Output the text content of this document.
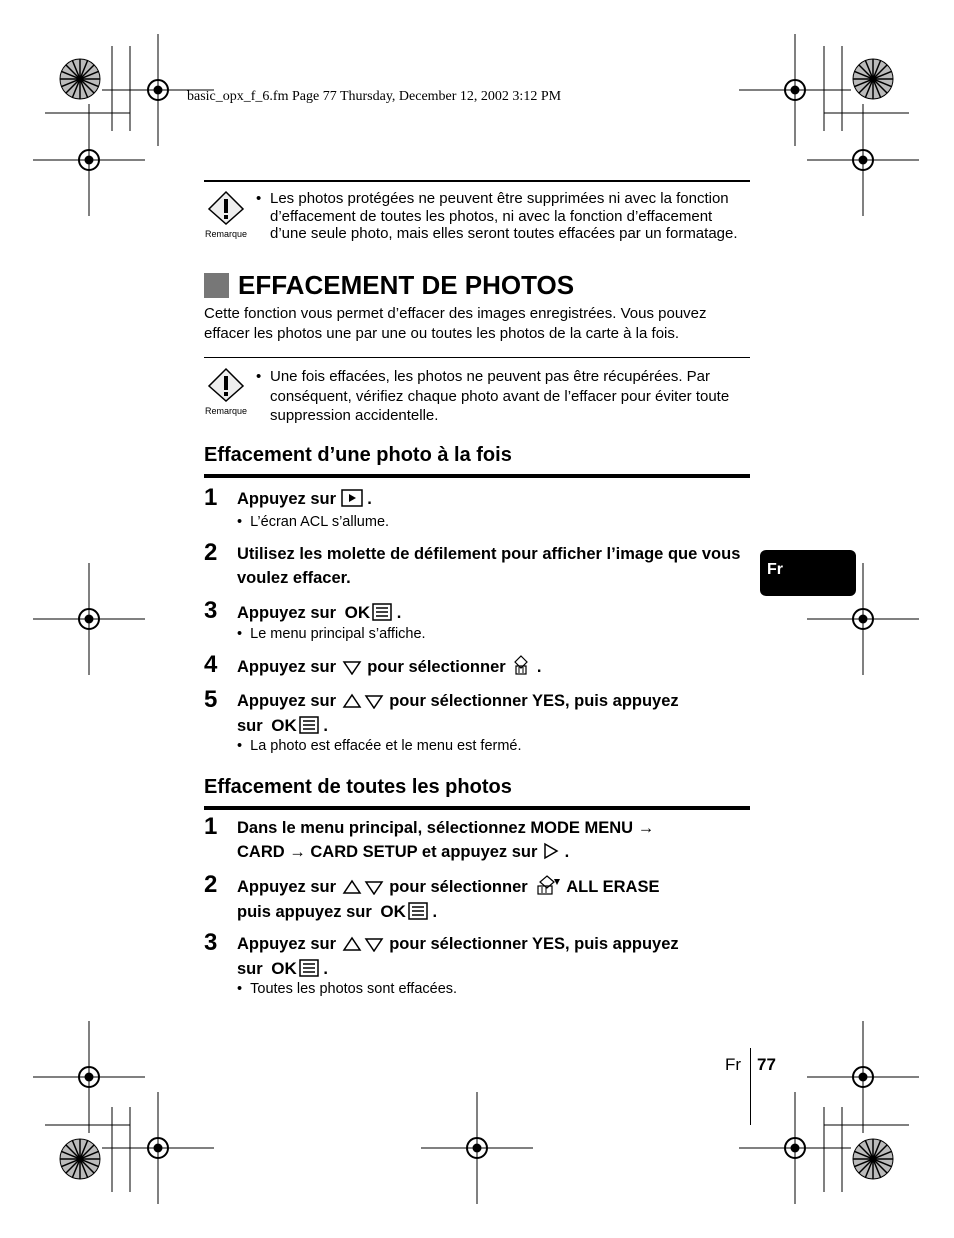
basic_opx_f_6.fm Page 77 Thursday, December 12, 2002 3:12 PM
Remarque
• Les photos protégées ne peuvent être supprimées ni avec la fonction d’effacement de toutes les photos, ni avec la fonction d’effacement d’une seule photo, mais elles seront toutes effacées par un formatage.
EFFACEMENT DE PHOTOS
Cette fonction vous permet d’effacer des images enregistrées. Vous pouvez effacer les photos une par une ou toutes les photos de la carte à la fois.
Remarque
• Une fois effacées, les photos ne peuvent pas être récupérées. Par conséquent, vérifiez chaque photo avant de l’effacer pour éviter toute suppression accidentelle.
Effacement d’une photo à la fois
1 Appuyez sur .
• L’écran ACL s’allume.
2 Utilisez les molette de défilement pour afficher l’image que vous voulez effacer.
3 Appuyez sur OK .
• Le menu principal s’affiche.
4 Appuyez sur pour sélectionner .
5 Appuyez sur	pour sélectionner YES, puis appuyez
sur OK .
• La photo est effacée et le menu est fermé.
Effacement de toutes les photos
1 Dans le menu principal, sélectionnez MODE MENU →
CARD → CARD SETUP et appuyez sur .
2 Appuyez sur	pour sélectionner ALL ERASE
puis appuyez sur OK .
3 Appuyez sur	pour sélectionner YES, puis appuyez
sur OK .
• Toutes les photos sont effacées.
Fr
Fr 77
